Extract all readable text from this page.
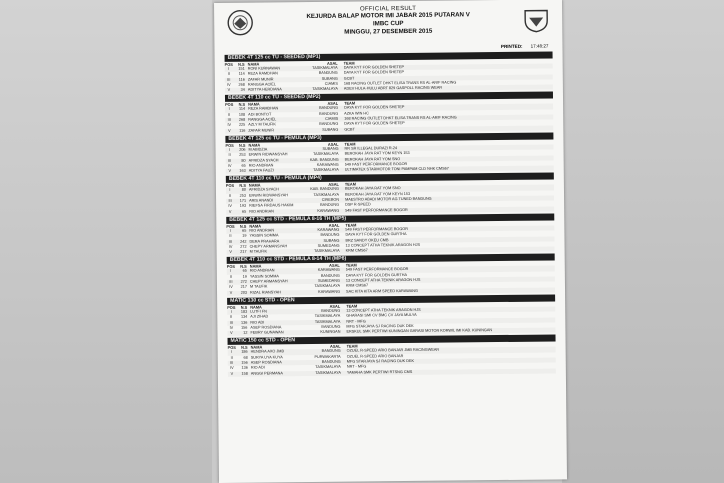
OFFICIAL RESULT
KEJURDA BALAP MOTOR IMI JABAR 2015 PUTARAN V
IMBC CUP
MINGGU, 27 DESEMBER 2015
PRINTED: 17:48:27
BEBEK 4T 125 cc TU - SEEDED (MP1)
POS	N.S NAMA	ASAL	TEAM
I	151 RONI KURNAWAN	TASIKMALAYA	DAYA KYT FOR GOLDEN SHETEP
II	114 REZA RAMDHAN	BANDUNG	DAYA KYT FOR GOLDEN SHETEP
III	116 ZAFAR MUNIR	SUBANG	GCBT
IV	268 RANGGA ACIEL	CIAMIS	168 RACING OUTLET DHKT ELISA TRANS RS AL-ARIF RACING
V	34 ADITYA HERDIANA	TASIKMALAYA	ADEV HULA-HULU ABRT 829 GASPOLL RACING WEAR
BEBEK 4T 110 cc TU - SEEDED (MP2)
POS	N.S NAMA	ASAL	TEAM
I	114 REZA RAMDHAN	BANDUNG	DAYA KYT FOR GOLDEN SHETEP
II	108 ADI BONTOT	BANDUNG	AZKA WIN HC
III	268 RANGGA ACIEL	CIAMIS	168 RACING OUTLET DHKT ELISA TRANS RS AL-ARIF RACING
IV	225 AZLY M TAUFIK	BANDUNG	DAYA KYT FOR GOLDEN SHETEP
V	116 ZAFAR MUNIR	SUBANG	GCBT
BEBEK 4T 125 cc TU - PEMULA (MP3)
POS	N.S NAMA	ASAL	TEAM
I	206 M ABIDZIA	SUBANG	RR SR ILLEGAL DURAZI R-24
II	253 ERWIN RIDWANSYAH	TASIKMALAYA	BEROKAH JAYA RAT YOM KEYN 153
III	80 AFRIDZA SYACH	KAB. BANDUNG	BEROKAH JAYA RAT YOM SNO
IV	65 RIO ANDRIAN	KARAWANG	549 FAST PERFORMANCE BOGOR
V	163 ADITYA FAUZI	TASIKMALAYA	ULTIMATEX STARMOTOR TONI PAMPAM CLD NHK CMS67
BEBEK 4T 110 cc TU - PEMULA (MP4)
POS	N.S NAMA	ASAL	TEAM
I	80 AFRIDZA SYACH	KAB. BANDUNG	BEROKAH JAYA RAT YOM SNO
II	253 ERWIN RIDWANSYAH	TASIKMALAYA	BEROKAH JAYA RAT YOM KEYN 153
III	171 ARIS ANANDI	CIREBON	MAESTRO ABADI MOTOR AG TUNED BANDUNG
IV	193 RIEFSA FIRDAUS HAKIM	BANDUNG	DSP R-SPEED
V	65 RIO ANDRIAN	KARAWANG	549 FAST PERFORMANCE BOGOR
BEBEK 4T 125 cc STD - PEMULA 8-16 TH (MP5)
POS	N.S NAMA	ASAL	TEAM
I	65 RIO ANDRIAN	KARAWANG	549 FAST PERFORMANCE BOGOR
II	19 YASSIN SOMMA	BANDUNG	DAYA KYT FOR GOLDEN GURTHA
III	242 DERA PRAHARA	SUBANG	BRZ SANDY OKEU CMB
IV	272 CHEPY ARMANSYAH	SUMEDANG	13 CONCEPT ATHA TEKNIK ARAGON HJS
V	217 M TAUFIK	TASIKMALAYA	KRM CMS67
BEBEK 4T 110 cc STD - PEMULA 8-14 TH (MP6)
POS	N.S NAMA	ASAL	TEAM
I	65 RIO ANDRIAN	KARAWANG	549 FAST PERFORMANCE BOGOR
II	19 YASSIN SOMMA	BANDUNG	DAYA KYT FOR GOLDEN GURTHA
III	272 CHEPY ARMANSYAH	SUMEDANG	13 CONCEPT ATHA TEKNIK ARAGON HJS
IV	217 M TAUFIK	TASIKMALAYA	KRM CMS67
V	203 RIZAL RIANSYAH	KARAWANG	SAC KITA KITA ARM SPEED KARAWANG
MATIC 130 cc STD - OPEN
POS	N.S NAMA	ASAL	TEAM
I	183 LUTFI FN	BANDUNG	13 CONCEPT ATHA TEKNIK ARAGON HJS
II	134 AJI ZIHAD	TASIKMALAYA	GHARASI SMI CV BMC CV JAYA MULYA
III	136 RIO ADI	TASIKMALAYA	NRT - MFG
IV	156 ASEP ROSDIANA	BANDUNG	MFG STARJAYA SJ RACING DUK DEK
V	12 FEBRY GUNAWAN	KUNINGAN	ERSKUL SMK PERTIWI KUNINGAN GARASI MOTOR KORWIL IMI KAB. KUNINGAN
MATIC 150 cc STD - OPEN
POS	N.S NAMA	ASAL	TEAM
I	186 HENDRA AXO JMB	BANDUNG	OZUEL R-SPEED ARIO BANJAR JMB RACINGWEAR
II	68 SURYA UYA KUYA	PURWAKARTA	OZUEL R-SPEED ARIO BANJAR
III	156 ASEP ROSDIANA	BANDUNG	MFG STARJAYA SJ RACING DUK DEK
IV	136 RIO ADI	TASIKMALAYA	NRT - MFG
V	158 ANGGI PERMANA	TASIKMALAYA	YAMAHA SMK PERTIWI RTSNG CMS
